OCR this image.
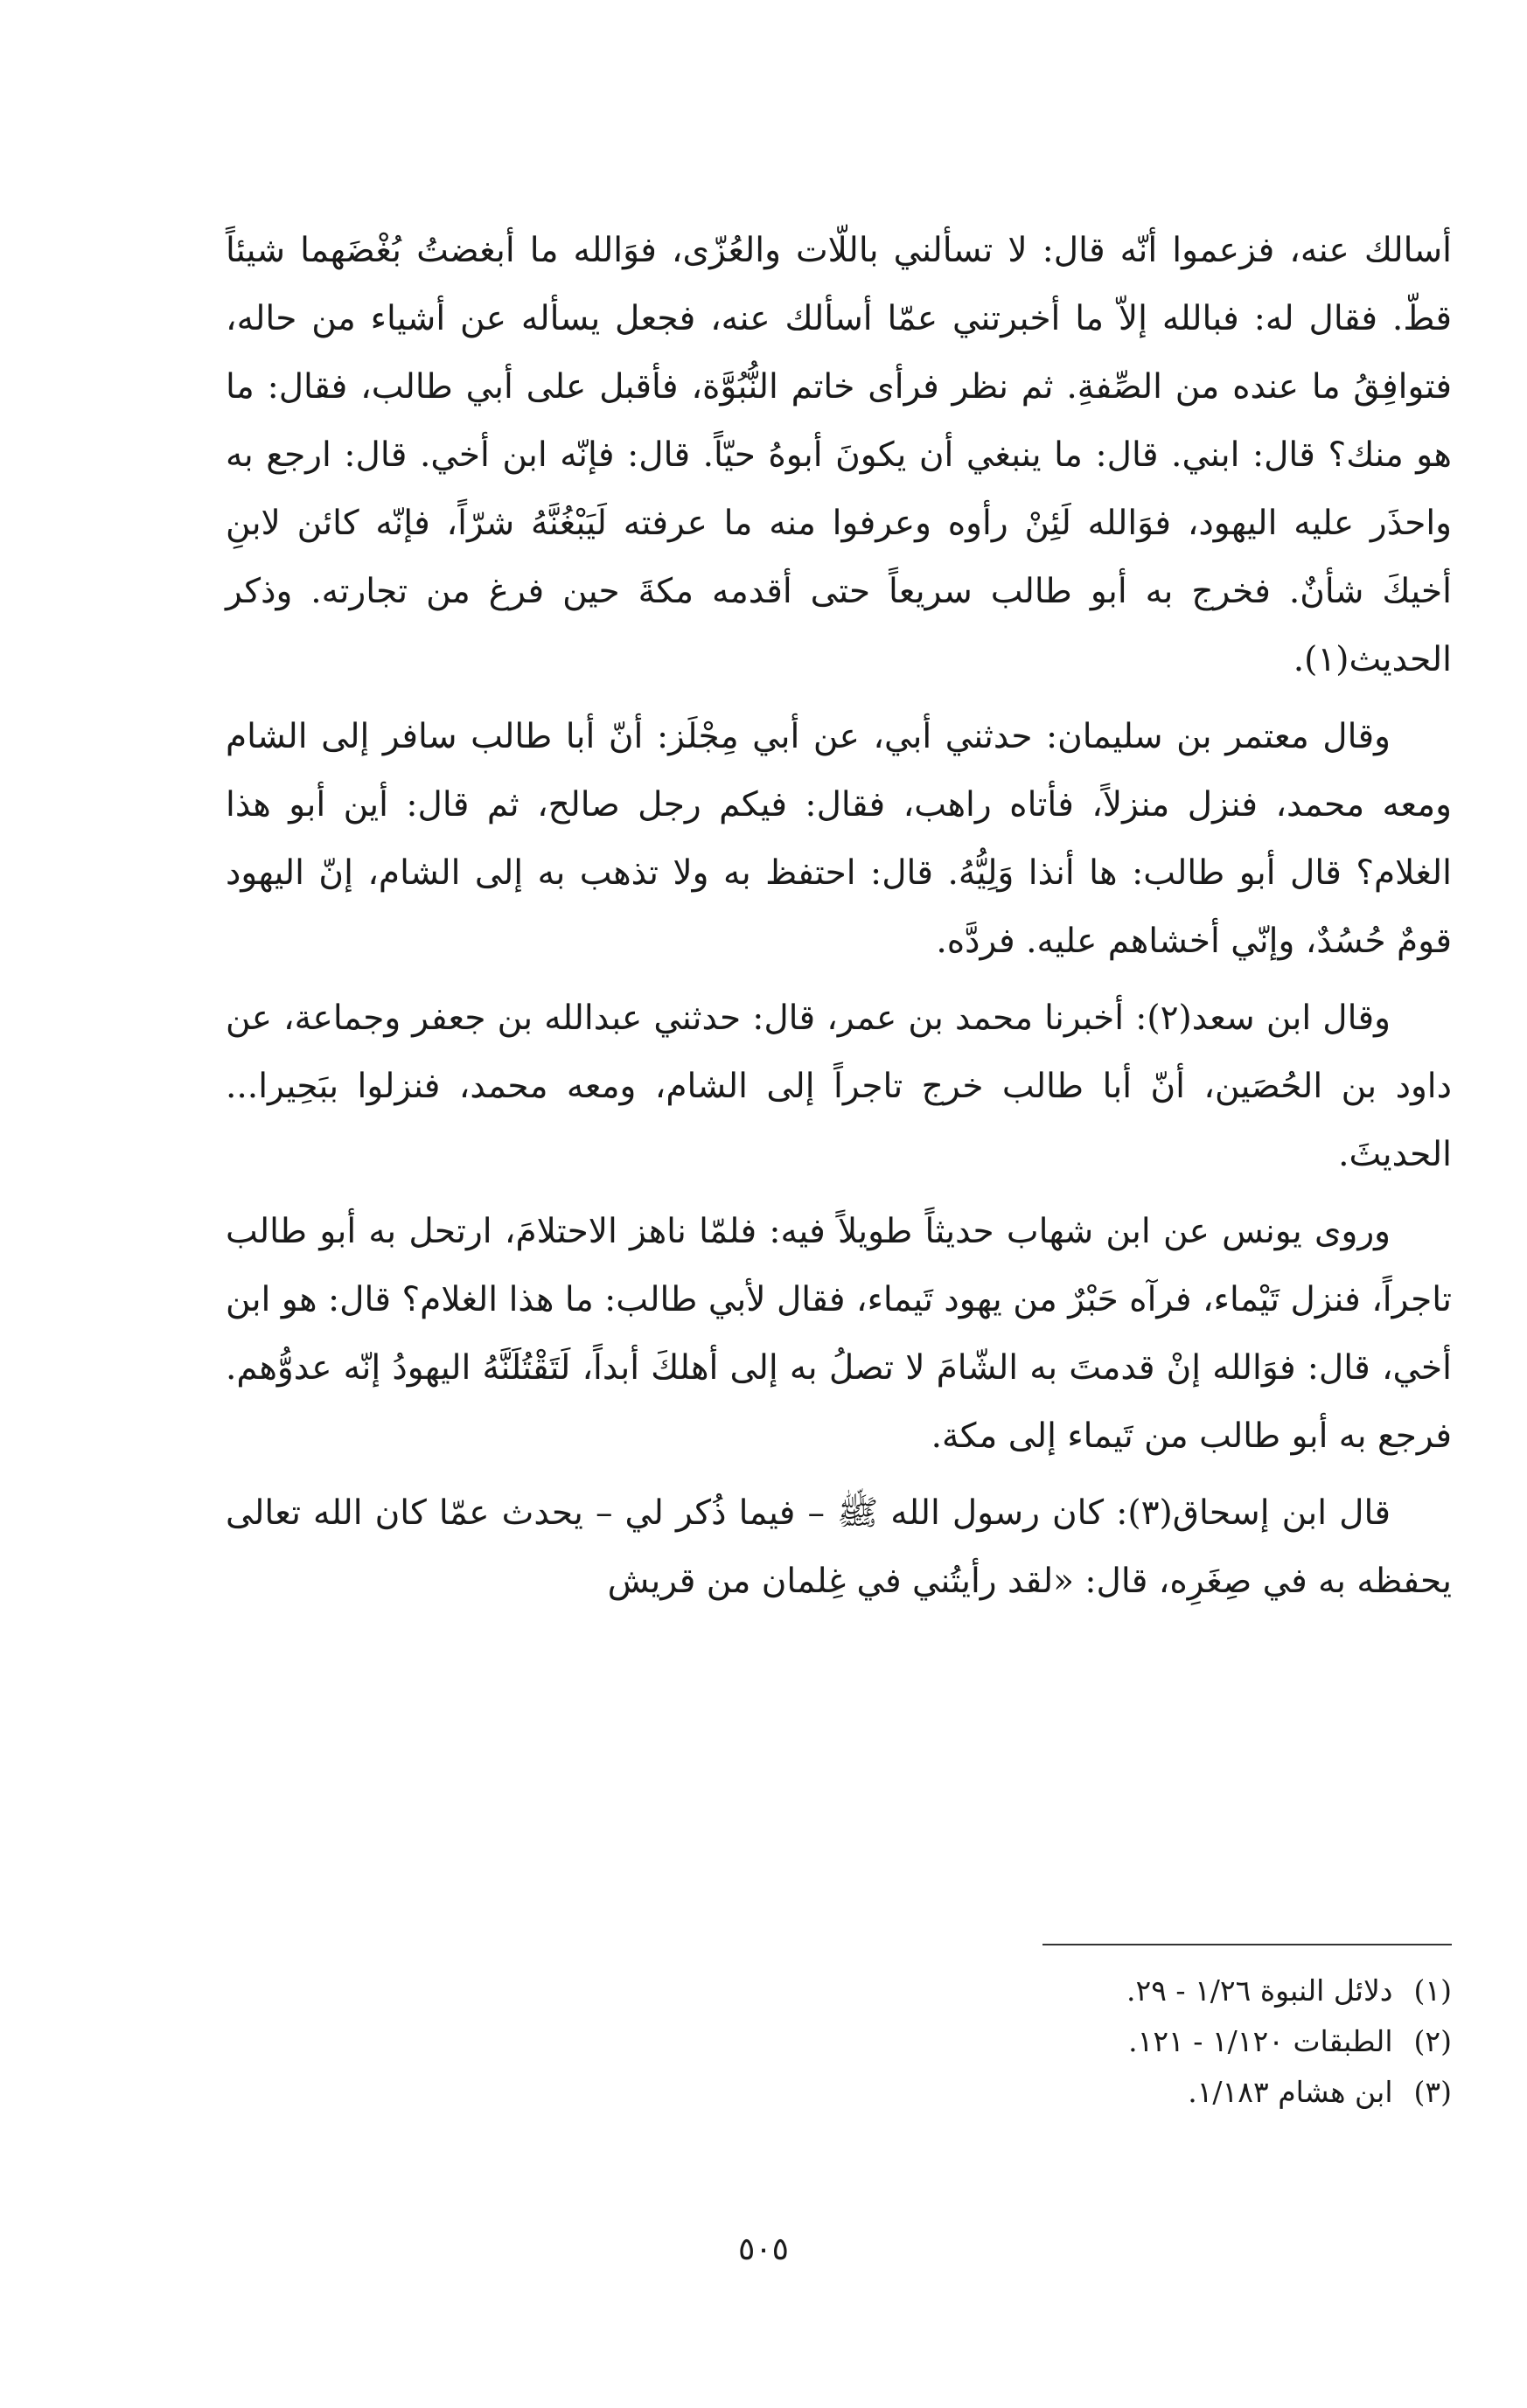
أسالك عنه، فزعموا أنّه قال: لا تسألني باللّات والعُزّى، فوَالله ما أبغضتُ بُغْضَهما شيئاً قطّ. فقال له: فبالله إلاّ ما أخبرتني عمّا أسألك عنه، فجعل يسأله عن أشياء من حاله، فتوافِقُ ما عنده من الصِّفةِ. ثم نظر فرأى خاتم النُّبُوَّة، فأقبل على أبي طالب، فقال: ما هو منك؟ قال: ابني. قال: ما ينبغي أن يكونَ أبوهُ حيّاً. قال: فإنّه ابن أخي. قال: ارجع به واحذَر عليه اليهود، فوَالله لَئِنْ رأوه وعرفوا منه ما عرفته لَيَبْغُنَّهُ شرّاً، فإنّه كائن لابنِ أخيكَ شأنٌ. فخرج به أبو طالب سريعاً حتى أقدمه مكةَ حين فرغ من تجارته. وذكر الحديث(١).

وقال معتمر بن سليمان: حدثني أبي، عن أبي مِجْلَز: أنّ أبا طالب سافر إلى الشام ومعه محمد، فنزل منزلاً، فأتاه راهب، فقال: فيكم رجل صالح، ثم قال: أين أبو هذا الغلام؟ قال أبو طالب: ها أنذا وَلِيُّهُ. قال: احتفظ به ولا تذهب به إلى الشام، إنّ اليهود قومٌ حُسُدٌ، وإنّي أخشاهم عليه. فردَّه.

وقال ابن سعد(٢): أخبرنا محمد بن عمر، قال: حدثني عبدالله بن جعفر وجماعة، عن داود بن الحُصَين، أنّ أبا طالب خرج تاجراً إلى الشام، ومعه محمد، فنزلوا ببَحِيرا... الحديثَ.

وروى يونس عن ابن شهاب حديثاً طويلاً فيه: فلمّا ناهز الاحتلامَ، ارتحل به أبو طالب تاجراً، فنزل تَيْماء، فرآه حَبْرٌ من يهود تَيماء، فقال لأبي طالب: ما هذا الغلام؟ قال: هو ابن أخي، قال: فوَالله إنْ قدمتَ به الشّامَ لا تصلُ به إلى أهلكَ أبداً، لَتَقْتُلَنَّهُ اليهودُ إنّه عدوُّهم. فرجع به أبو طالب من تَيماء إلى مكة.

قال ابن إسحاق(٣): كان رسول الله ﷺ – فيما ذُكر لي – يحدث عمّا كان الله تعالى يحفظه به في صِغَرِه، قال: «لقد رأيتُني في غِلمان من قريش

(١)دلائل النبوة ١/٢٦ - ٢٩.

(٢)الطبقات ١/١٢٠ - ١٢١.

(٣)ابن هشام ١/١٨٣.

٥٠٥
